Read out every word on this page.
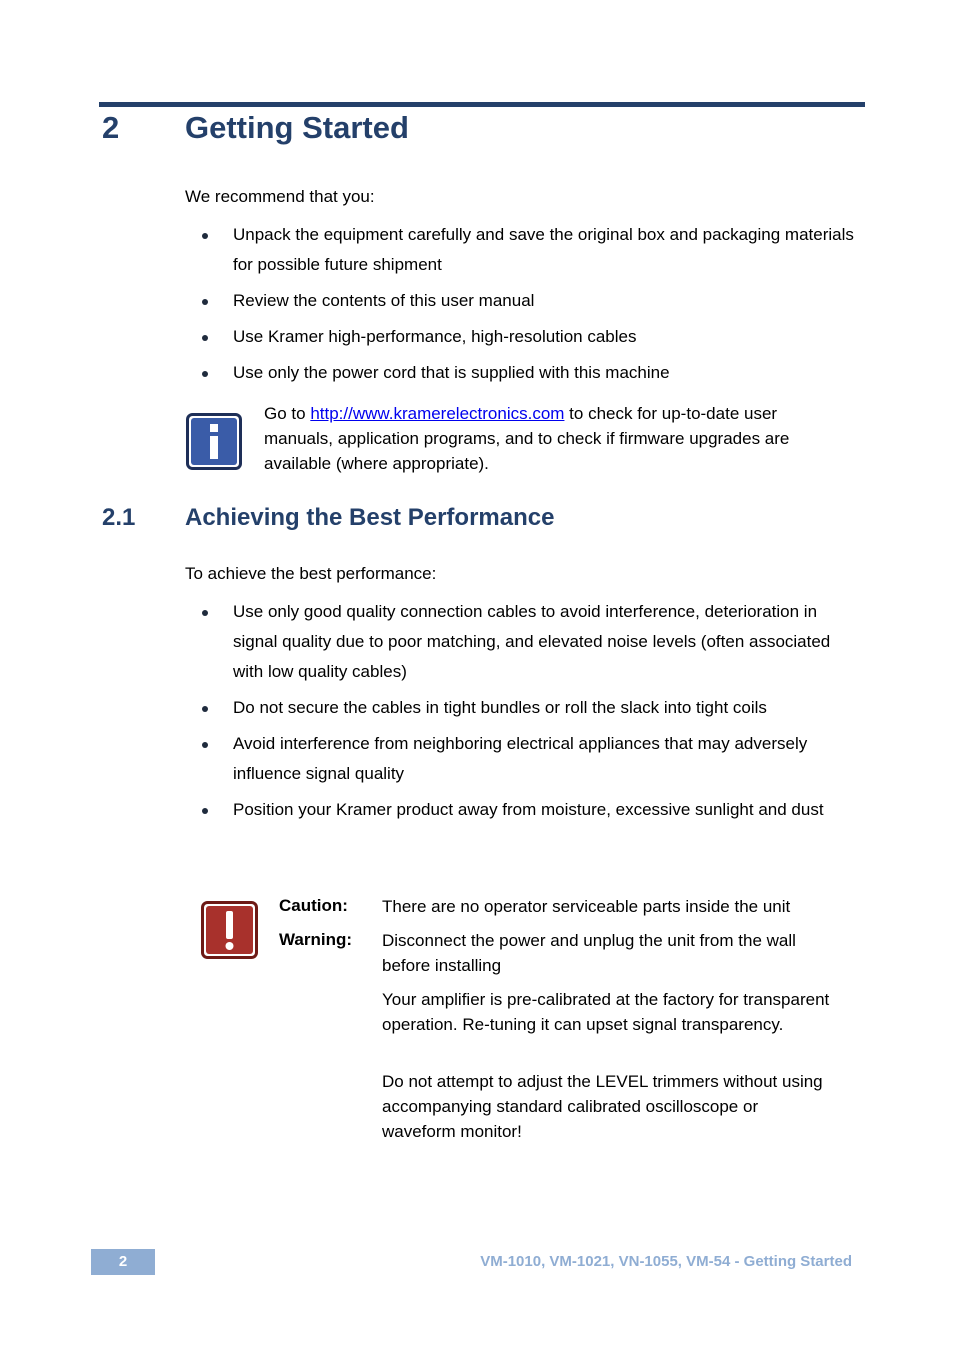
2 Getting Started

We recommend that you:

Unpack the equipment carefully and save the original box and packaging materials for possible future shipment
Review the contents of this user manual
Use Kramer high-performance, high-resolution cables
Use only the power cord that is supplied with this machine

Go to http://www.kramerelectronics.com to check for up-to-date user manuals, application programs, and to check if firmware upgrades are available (where appropriate).

2.1 Achieving the Best Performance

To achieve the best performance:

Use only good quality connection cables to avoid interference, deterioration in signal quality due to poor matching, and elevated noise levels (often associated with low quality cables)
Do not secure the cables in tight bundles or roll the slack into tight coils
Avoid interference from neighboring electrical appliances that may adversely influence signal quality
Position your Kramer product away from moisture, excessive sunlight and dust

Caution: There are no operator serviceable parts inside the unit

Warning: Disconnect the power and unplug the unit from the wall before installing

Your amplifier is pre-calibrated at the factory for transparent operation. Re-tuning it can upset signal transparency.

Do not attempt to adjust the LEVEL trimmers without using accompanying standard calibrated oscilloscope or waveform monitor!

2	VM-1010, VM-1021, VN-1055, VM-54 - Getting Started
